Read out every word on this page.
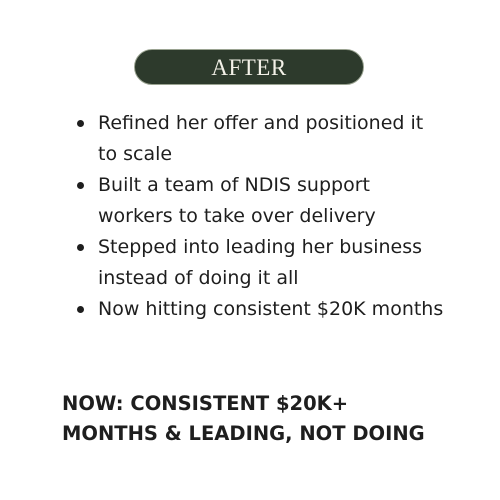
AFTER
Refined her offer and positioned it to scale
Built a team of NDIS support workers to take over delivery
Stepped into leading her business instead of doing it all
Now hitting consistent $20K months

NOW: CONSISTENT $20K+
MONTHS & LEADING, NOT DOING
